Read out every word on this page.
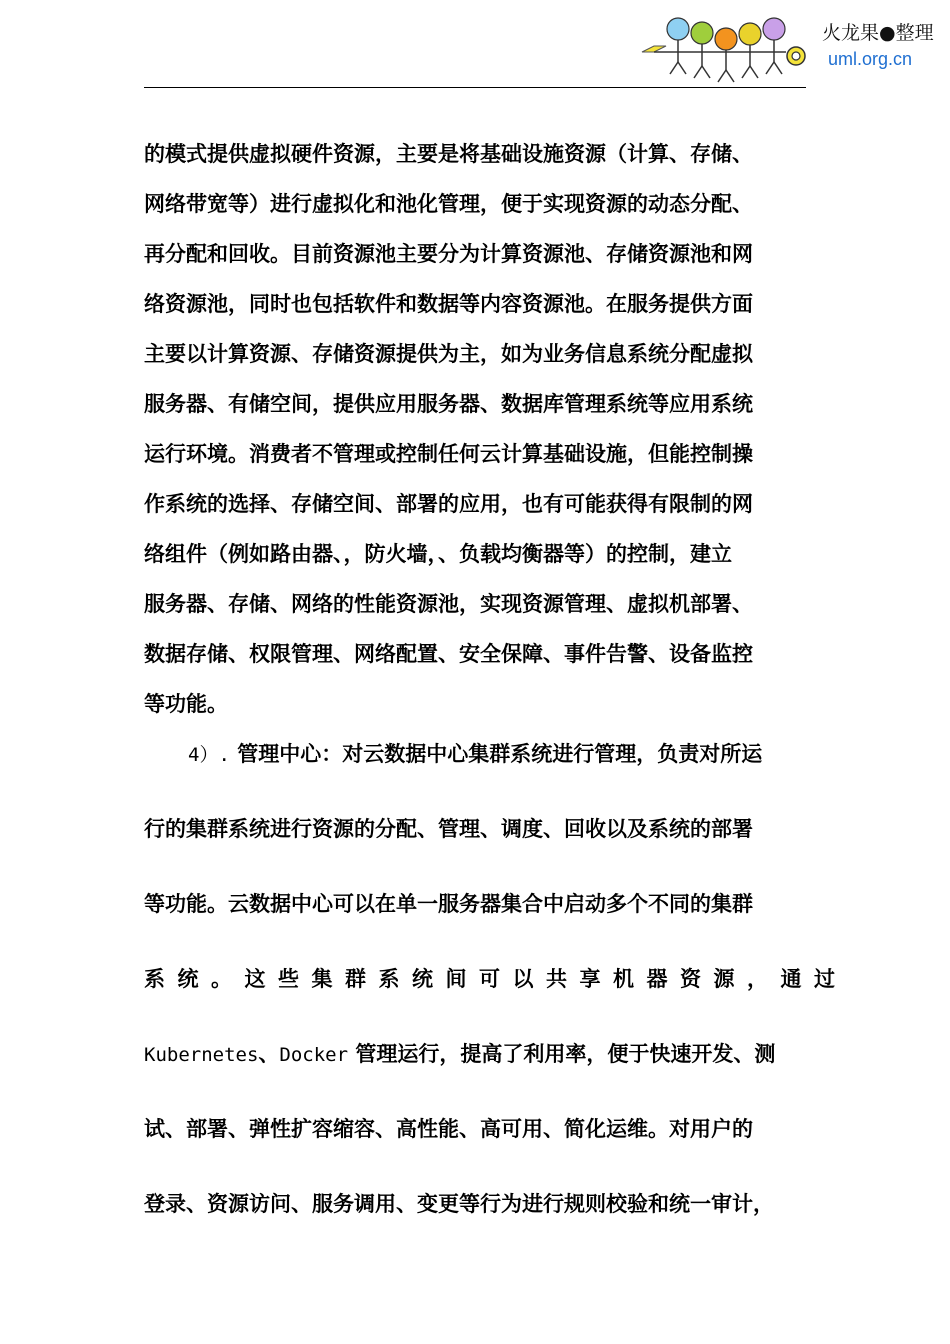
火龙果●整理
uml.org.cn
的模式提供虚拟硬件资源，主要是将基础设施资源（计算、存储、
网络带宽等）进行虚拟化和池化管理，便于实现资源的动态分配、
再分配和回收。目前资源池主要分为计算资源池、存储资源池和网
络资源池，同时也包括软件和数据等内容资源池。在服务提供方面
主要以计算资源、存储资源提供为主，如为业务信息系统分配虚拟
服务器、有储空间，提供应用服务器、数据库管理系统等应用系统
运行环境。消费者不管理或控制任何云计算基础设施，但能控制操
作系统的选择、存储空间、部署的应用，也有可能获得有限制的网
络组件（例如路由器、，防火墙，、负载均衡器等）的控制，建立
服务器、存储、网络的性能资源池，实现资源管理、虚拟机部署、
数据存储、权限管理、网络配置、安全保障、事件告警、设备监控
等功能。
4）. 管理中心：对云数据中心集群系统进行管理，负责对所运
行的集群系统进行资源的分配、管理、调度、回收以及系统的部署
等功能。云数据中心可以在单一服务器集合中启动多个不同的集群
系统。这些集群系统间可以共享机器资源，通过
Kubernetes、Docker 管理运行，提高了利用率，便于快速开发、测
试、部署、弹性扩容缩容、高性能、高可用、简化运维。对用户的
登录、资源访问、服务调用、变更等行为进行规则校验和统一审计，
